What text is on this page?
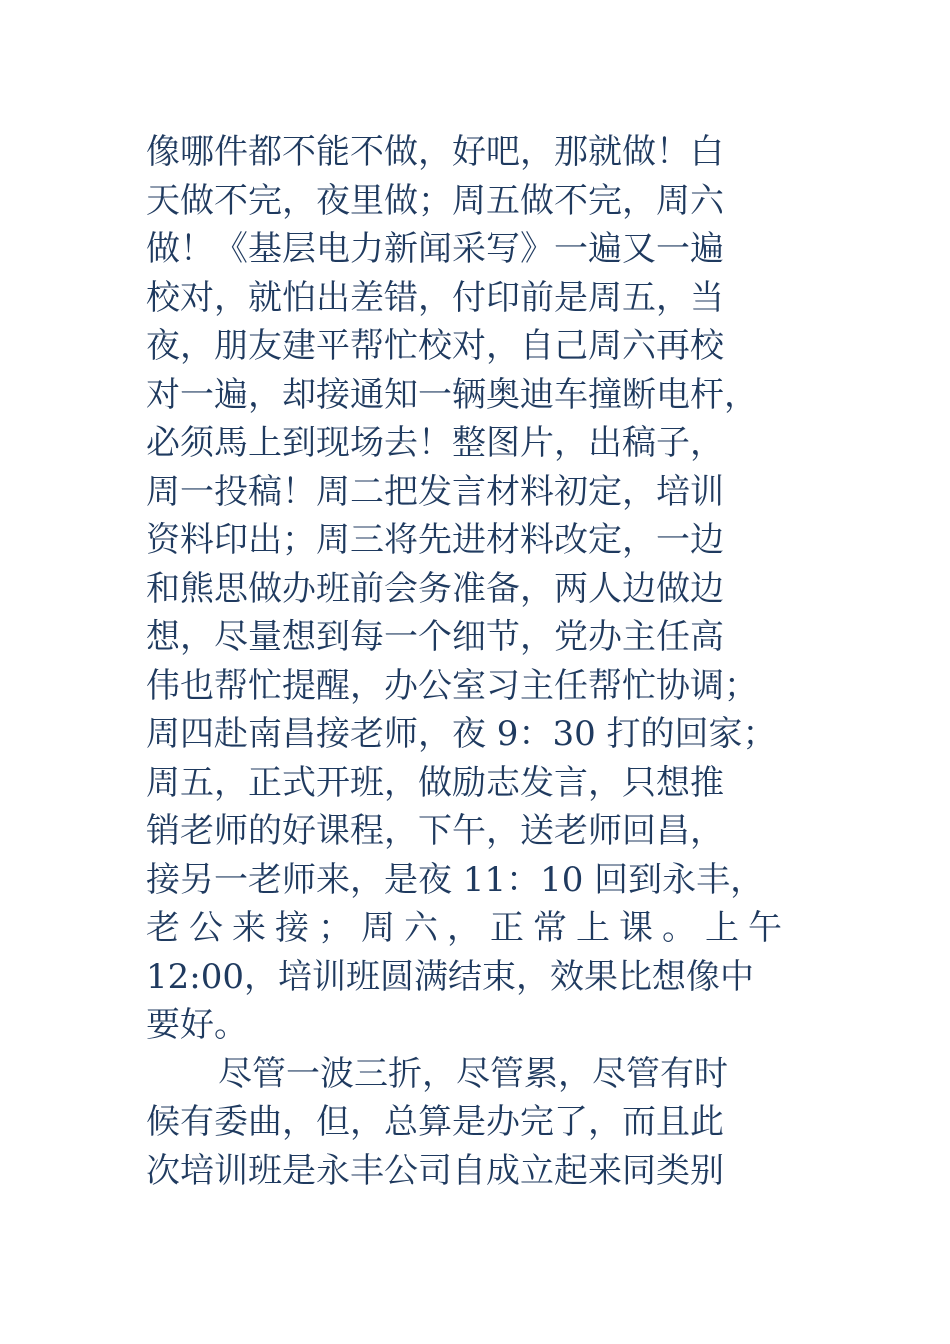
像哪件都不能不做，好吧，那就做！白
天做不完，夜里做；周五做不完，周六
做！《基层电力新闻采写》一遍又一遍
校对，就怕出差错，付印前是周五，当
夜，朋友建平帮忙校对，自己周六再校
对一遍，却接通知一辆奥迪车撞断电杆，
必须馬上到现场去！整图片，出稿子，
周一投稿！周二把发言材料初定，培训
资料印出；周三将先进材料改定，一边
和熊思做办班前会务准备，两人边做边
想，尽量想到每一个细节，党办主任高
伟也帮忙提醒，办公室习主任帮忙协调；
周四赴南昌接老师，夜 9：30 打的回家；
周五，正式开班，做励志发言，只想推
销老师的好课程，下午，送老师回昌，
接另一老师来，是夜 11：10 回到永丰，
老公来接；周六，正常上课。上午
12:00，培训班圆满结束，效果比想像中
要好。
尽管一波三折，尽管累，尽管有时
候有委曲，但，总算是办完了，而且此
次培训班是永丰公司自成立起来同类别
